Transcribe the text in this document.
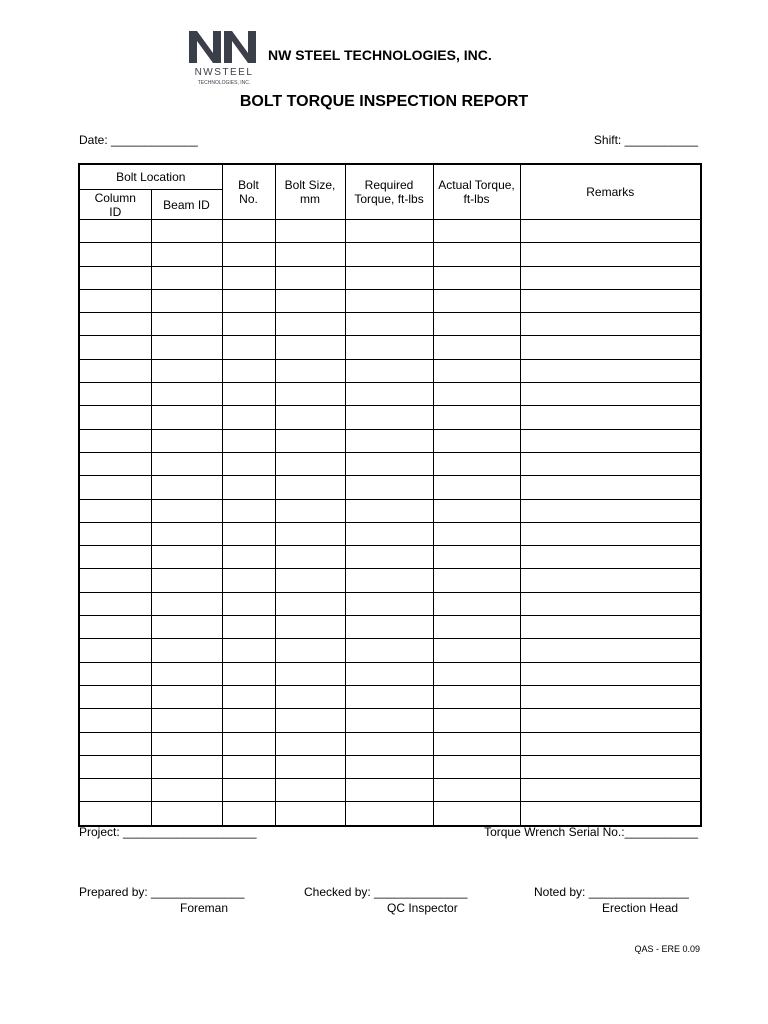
NWSTEEL
TECHNOLOGIES, INC.
NW STEEL TECHNOLOGIES, INC.
BOLT TORQUE INSPECTION REPORT
Date: _____________	Shift: ___________
Bolt Location		Bolt No.	Bolt Size, mm	Required Torque, ft-lbs	Actual Torque, ft-lbs	Remarks
Column ID	Beam ID					

Project: ____________________	Torque Wrench Serial No.:___________
Prepared by: ______________
Foreman
Checked by: ______________
QC Inspector
Noted by: _______________
Erection Head
QAS - ERE 0.09
